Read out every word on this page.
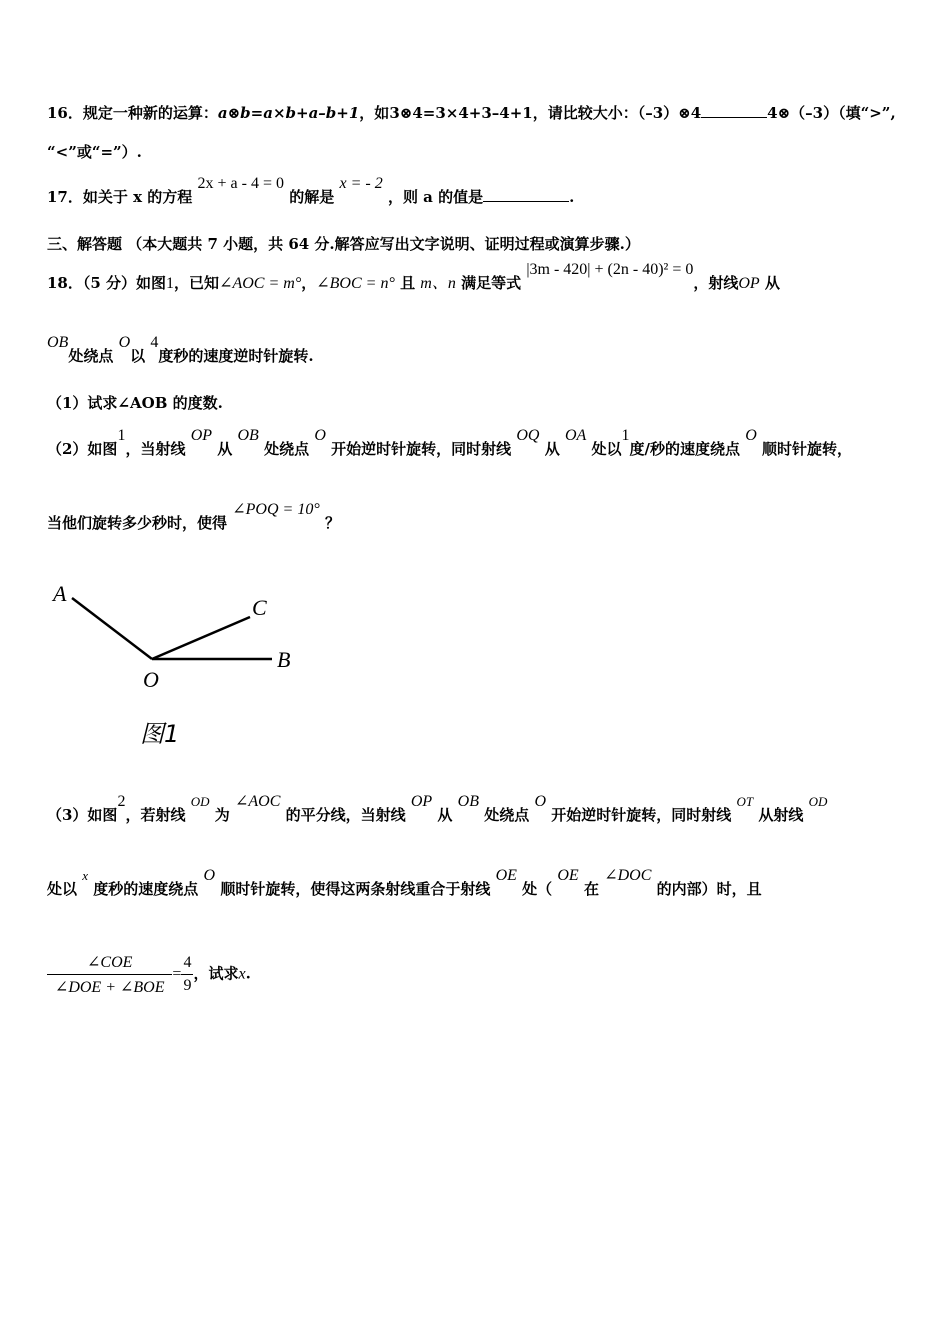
16．规定一种新的运算：a⊗b=a×b+a–b+1，如3⊗4=3×4+3–4+1，请比较大小：（–3）⊗4	4⊗（–3）（填“>”,
“<”或“=”）.
17．如关于 x 的方程 2x + a - 4 = 0 的解是 x = - 2 ，则 a 的值是	.
三、解答题 （本大题共 7 小题，共 64 分.解答应写出文字说明、证明过程或演算步骤.）
18．（5 分）如图1，已知∠AOC = m°，∠BOC = n° 且 m、n 满足等式 |3m - 420| + (2n - 40)² = 0，射线OP 从
OB处绕点 O以 4度秒的速度逆时针旋转.
（1）试求∠AOB 的度数.
（2）如图1，当射线 OP 从 OB 处绕点 O 开始逆时针旋转，同时射线 OQ 从 OA 处以1度/秒的速度绕点 O 顺时针旋转，
当他们旋转多少秒时，使得 ∠POQ = 10° ？
A
C
B
O
图1
（3）如图2，若射线 OD 为 ∠AOC 的平分线，当射线 OP 从 OB 处绕点 O 开始逆时针旋转，同时射线 OT 从射线 OD
处以 x 度秒的速度绕点 O 顺时针旋转，使得这两条射线重合于射线 OE 处（ OE 在 ∠DOC 的内部）时，且
$\frac{\text{∠COE}}{\text{∠DOE + ∠BOE}} = \frac{4}{9}$ ，试求x.
